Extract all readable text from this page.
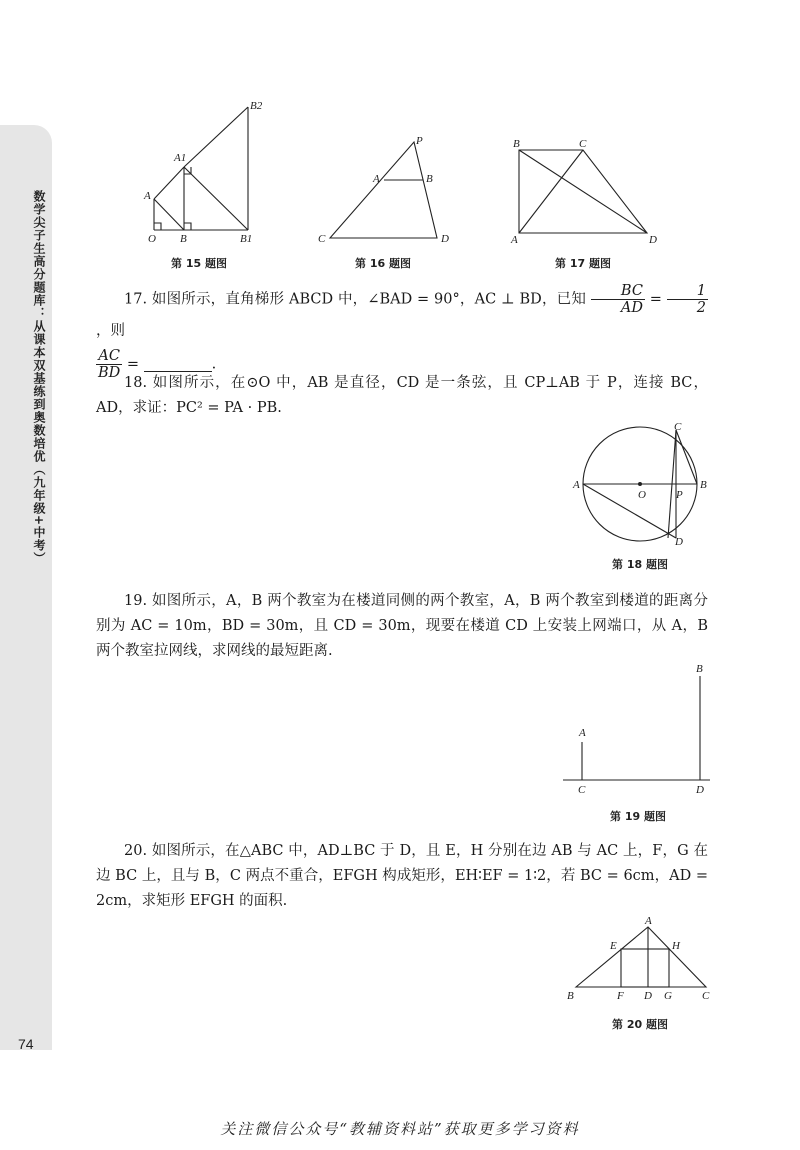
数学尖子生高分题库：从课本双基练到奥数培优（九年级+中考）
74
B2
A1
A
O B	B1
第 15 题图
P
A	B
C	D
第 16 题图
B	C
A	D
第 17 题图
17. 如图所示，直角梯形 ABCD 中，∠BAD = 90°，AC ⊥ BD，已知 $\frac{BC}{AD} = \frac{1}{2}$
，则
$\frac{AC}{BD}$ =	.
18. 如图所示，在⊙O 中，AB 是直径，CD 是一条弦，且 CP⊥AB 于 P，连接 BC，AD，求证：PC² = PA · PB.
C
A
O	P
B
D
第 18 题图
19. 如图所示，A，B 两个教室为在楼道同侧的两个教室，A，B 两个教室到楼道的距离分别为 AC = 10m，BD = 30m，且 CD = 30m，现要在楼道 CD 上安装上网端口，从 A，B 两个教室拉网线，求网线的最短距离.
B
A
C	D
第 19 题图
20. 如图所示，在△ABC 中，AD⊥BC 于 D，且 E，H 分别在边 AB 与 AC 上，F，G 在边 BC 上，且与 B，C 两点不重合，EFGH 构成矩形，EH∶EF = 1∶2，若 BC = 6cm，AD = 2cm，求矩形 EFGH 的面积.
A
E	H
B	F D G	C
第 20 题图
关注微信公众号“教辅资料站”获取更多学习资料
